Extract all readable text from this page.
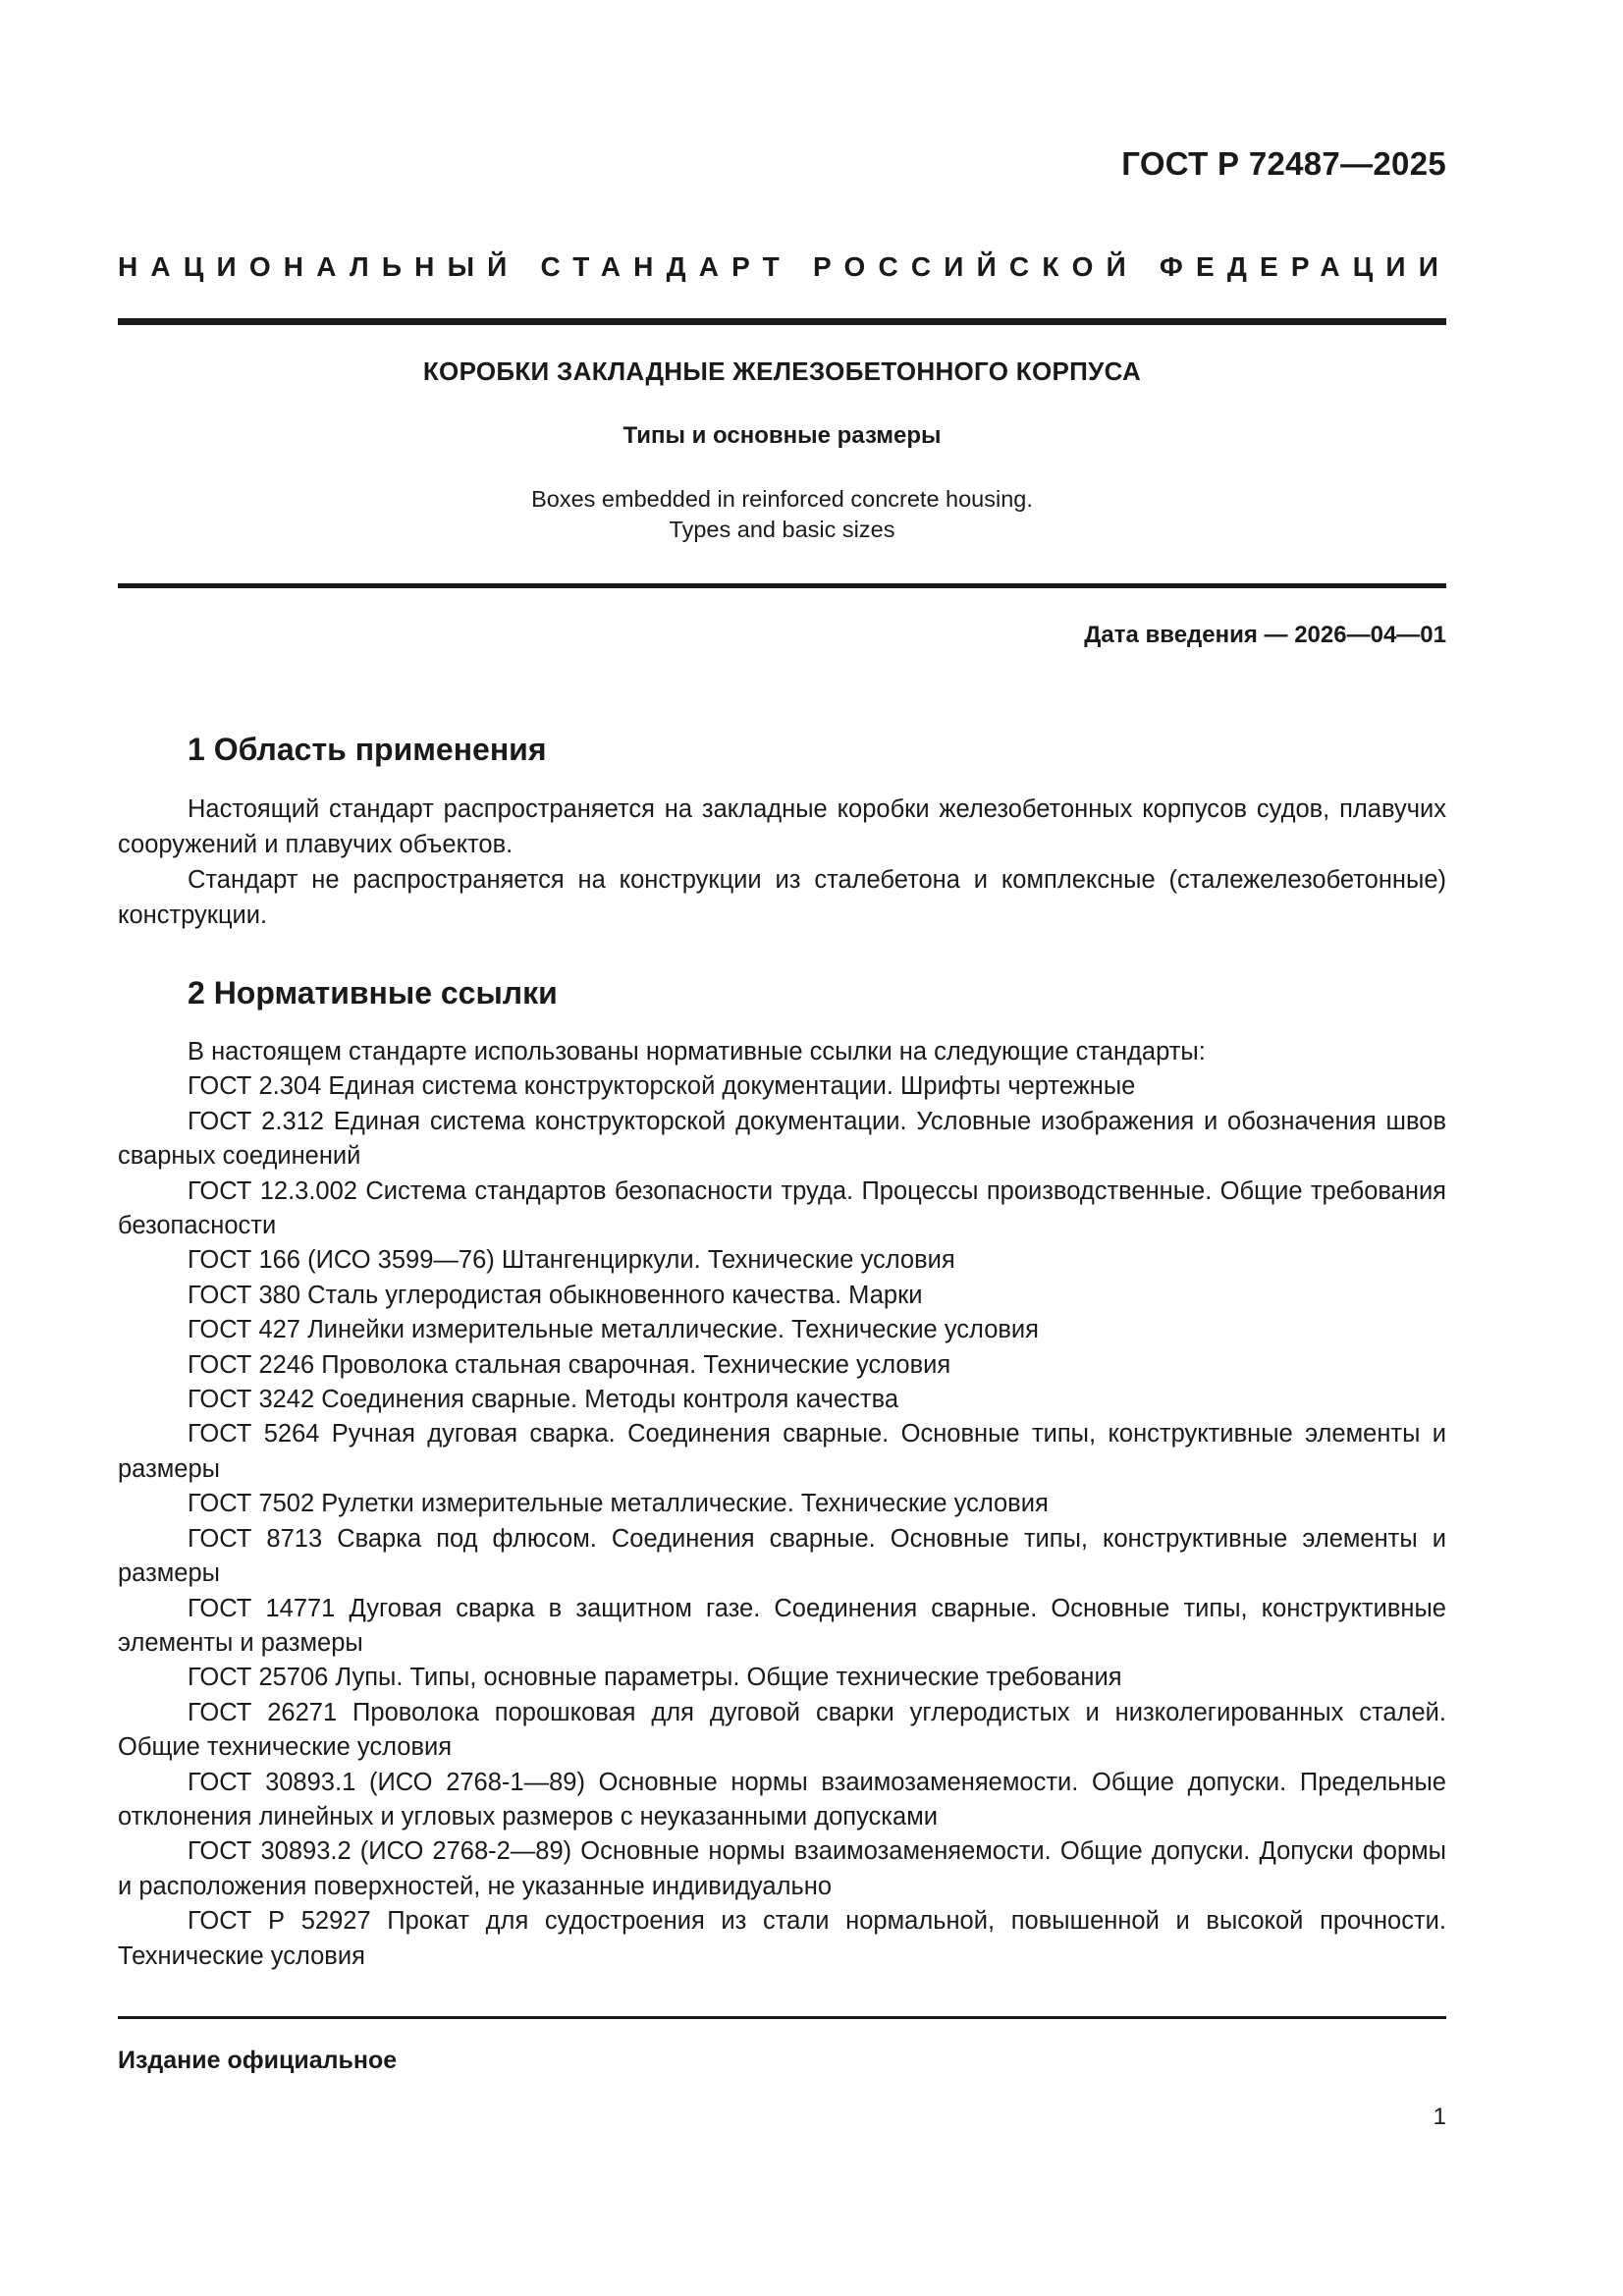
ГОСТ Р 72487—2025
НАЦИОНАЛЬНЫЙ СТАНДАРТ РОССИЙСКОЙ ФЕДЕРАЦИИ
КОРОБКИ ЗАКЛАДНЫЕ ЖЕЛЕЗОБЕТОННОГО КОРПУСА
Типы и основные размеры
Boxes embedded in reinforced concrete housing.
Types and basic sizes
Дата введения — 2026—04—01
1 Область применения

Настоящий стандарт распространяется на закладные коробки железобетонных корпусов судов, плавучих сооружений и плавучих объектов.

Стандарт не распространяется на конструкции из сталебетона и комплексные (сталежелезобетонные) конструкции.

2 Нормативные ссылки

В настоящем стандарте использованы нормативные ссылки на следующие стандарты:

ГОСТ 2.304 Единая система конструкторской документации. Шрифты чертежные

ГОСТ 2.312 Единая система конструкторской документации. Условные изображения и обозначения швов сварных соединений

ГОСТ 12.3.002 Система стандартов безопасности труда. Процессы производственные. Общие требования безопасности

ГОСТ 166 (ИСО 3599—76) Штангенциркули. Технические условия

ГОСТ 380 Сталь углеродистая обыкновенного качества. Марки

ГОСТ 427 Линейки измерительные металлические. Технические условия

ГОСТ 2246 Проволока стальная сварочная. Технические условия

ГОСТ 3242 Соединения сварные. Методы контроля качества

ГОСТ 5264 Ручная дуговая сварка. Соединения сварные. Основные типы, конструктивные элементы и размеры

ГОСТ 7502 Рулетки измерительные металлические. Технические условия

ГОСТ 8713 Сварка под флюсом. Соединения сварные. Основные типы, конструктивные элементы и размеры

ГОСТ 14771 Дуговая сварка в защитном газе. Соединения сварные. Основные типы, конструктивные элементы и размеры

ГОСТ 25706 Лупы. Типы, основные параметры. Общие технические требования

ГОСТ 26271 Проволока порошковая для дуговой сварки углеродистых и низколегированных сталей. Общие технические условия

ГОСТ 30893.1 (ИСО 2768-1—89) Основные нормы взаимозаменяемости. Общие допуски. Предельные отклонения линейных и угловых размеров с неуказанными допусками

ГОСТ 30893.2 (ИСО 2768-2—89) Основные нормы взаимозаменяемости. Общие допуски. Допуски формы и расположения поверхностей, не указанные индивидуально

ГОСТ Р 52927 Прокат для судостроения из стали нормальной, повышенной и высокой прочности. Технические условия

Издание официальное
1
